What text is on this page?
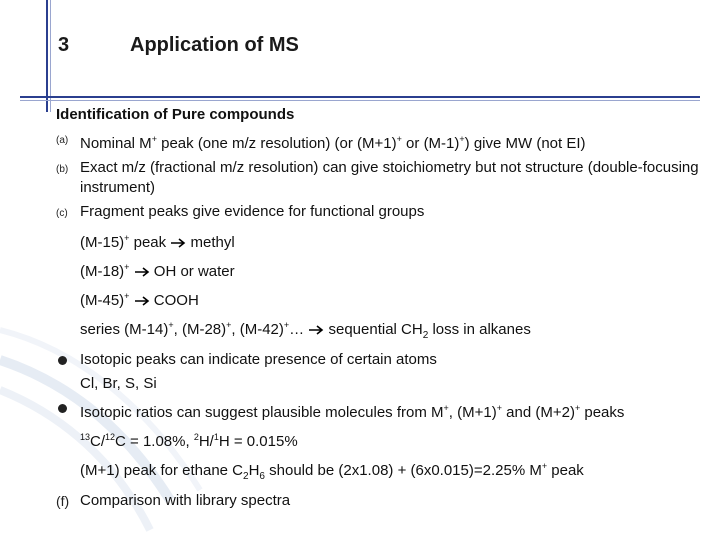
3	Application of MS
Identification of Pure compounds
(a) Nominal M+ peak (one m/z resolution) (or (M+1)+ or (M-1)+) give MW (not EI)
(b) Exact m/z (fractional m/z resolution) can give stoichiometry but not structure (double-focusing instrument)
(c) Fragment peaks give evidence for functional groups
(M-15)+ peak  methyl
(M-18)+ OH or water
(M-45)+ COOH
series (M-14)+, (M-28)+, (M-42)+…  sequential $CH_2$ loss in alkanes
Isotopic peaks can indicate presence of certain atoms
Cl, Br, S, Si
Isotopic ratios can suggest plausible molecules from M+, (M+1)+ and (M+2)+ peaks
$^{13}$C/$^{12}$C = 1.08%, $^2$H/$^1$H = 0.015%
(M+1) peak for ethane $C_2H_6$ should be (2x1.08) + (6x0.015)=2.25% M+ peak
(f) Comparison with library spectra
